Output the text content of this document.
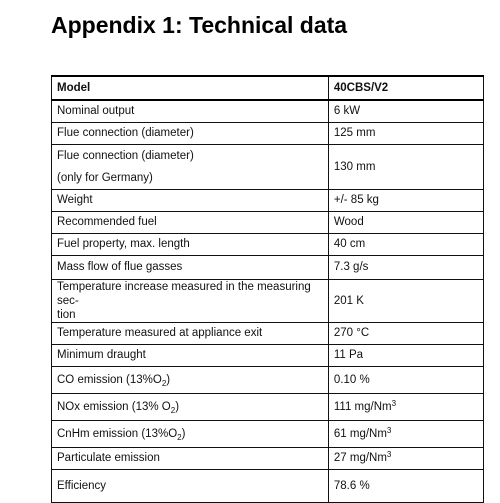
Appendix 1: Technical data
Model	40CBS/V2
Nominal output	6 kW
Flue connection (diameter)	125 mm

Flue connection (diameter)
(only for Germany)	130 mm
Weight	+/- 85 kg
Recommended fuel	Wood
Fuel property, max. length	40 cm
Mass flow of flue gasses	7.3 g/s

Temperature increase measured in the measuring sec-
tion	201 K
Temperature measured at appliance exit	270 °C
Minimum draught	11 Pa
CO emission $(13\%O_2)$	0.10 %
NOx emission (13% $O_2$)	111 mg/Nm$^3$
CnHm emission $(13\%O_2)$	61 mg/Nm$^3$
Particulate emission	27 mg/Nm$^3$
Efficiency	78.6 %
